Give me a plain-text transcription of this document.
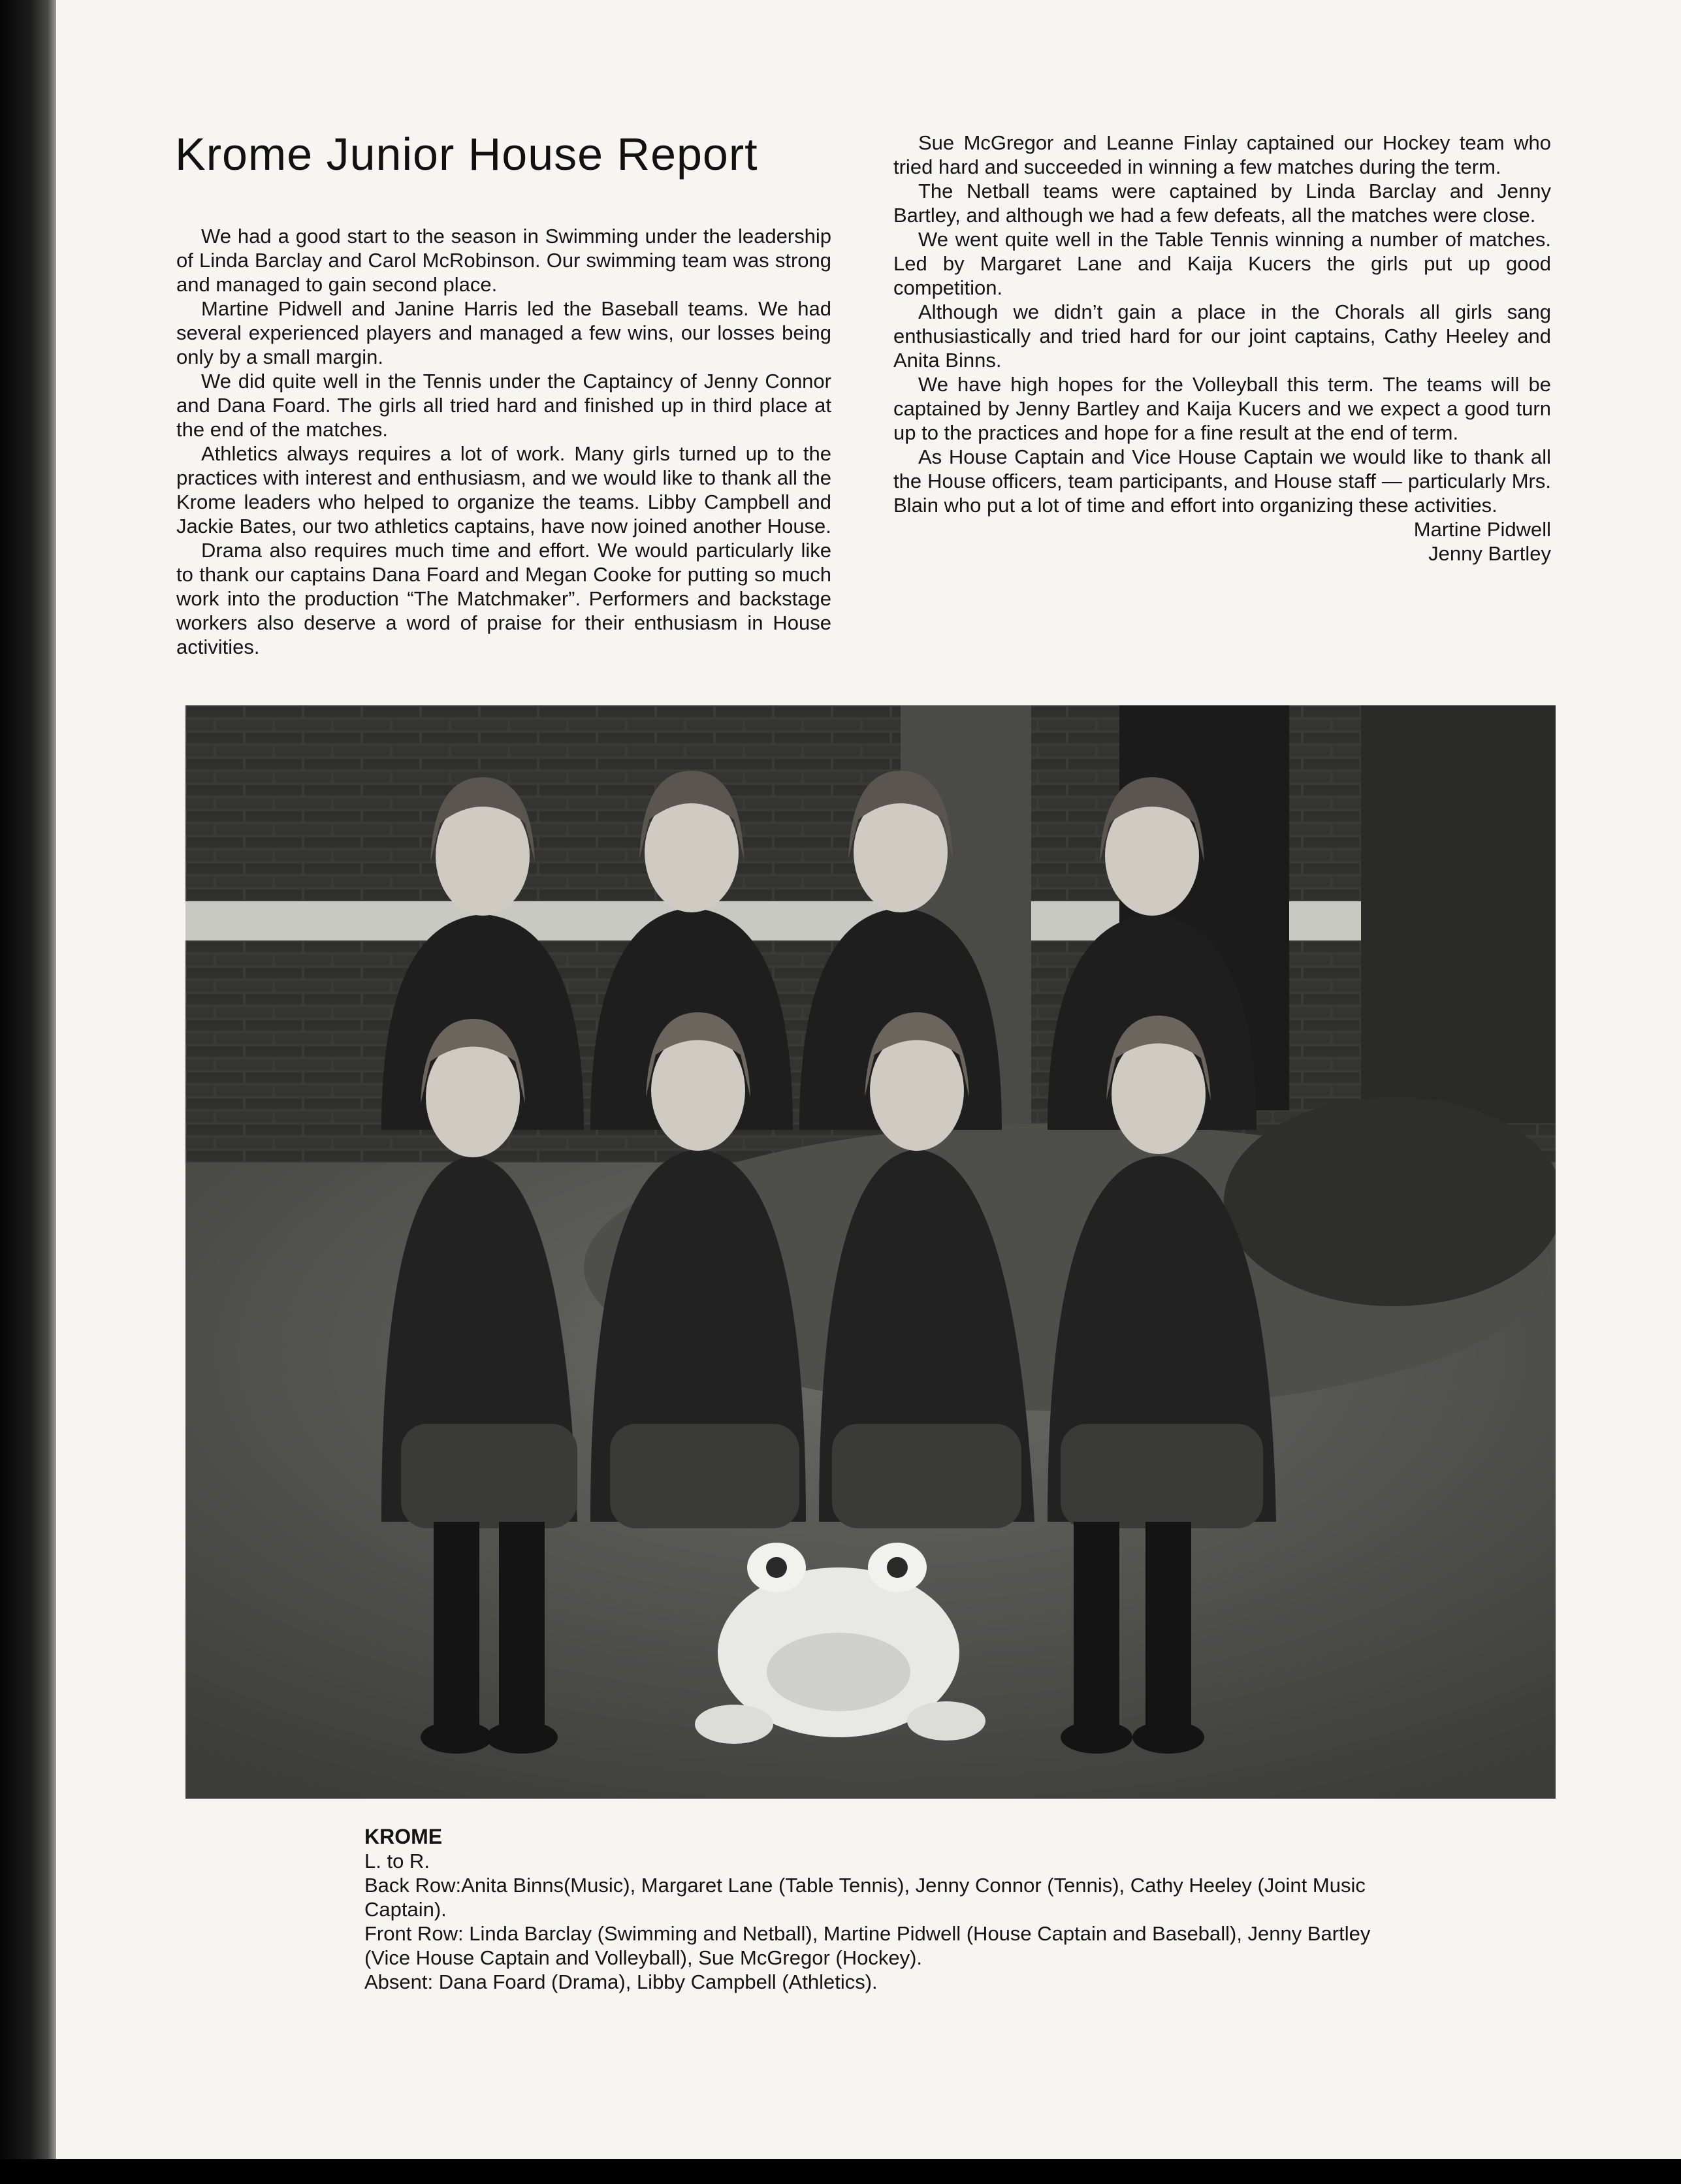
Krome Junior House Report

We had a good start to the season in Swimming under the leadership of Linda Barclay and Carol McRobinson. Our swimming team was strong and managed to gain second place.

Martine Pidwell and Janine Harris led the Baseball teams. We had several experienced players and managed a few wins, our losses being only by a small margin.

We did quite well in the Tennis under the Captaincy of Jenny Connor and Dana Foard. The girls all tried hard and finished up in third place at the end of the matches.

Athletics always requires a lot of work. Many girls turned up to the practices with interest and enthusiasm, and we would like to thank all the Krome leaders who helped to organize the teams. Libby Campbell and Jackie Bates, our two athletics captains, have now joined another House.

Drama also requires much time and effort. We would particularly like to thank our captains Dana Foard and Megan Cooke for putting so much work into the production “The Matchmaker”. Performers and backstage workers also deserve a word of praise for their enthusiasm in House activities.

Sue McGregor and Leanne Finlay captained our Hockey team who tried hard and succeeded in winning a few matches during the term.

The Netball teams were captained by Linda Barclay and Jenny Bartley, and although we had a few defeats, all the matches were close.

We went quite well in the Table Tennis winning a number of matches. Led by Margaret Lane and Kaija Kucers the girls put up good competition.

Although we didn’t gain a place in the Chorals all girls sang enthusiastically and tried hard for our joint captains, Cathy Heeley and Anita Binns.

We have high hopes for the Volleyball this term. The teams will be captained by Jenny Bartley and Kaija Kucers and we expect a good turn up to the practices and hope for a fine result at the end of term.

As House Captain and Vice House Captain we would like to thank all the House officers, team participants, and House staff — particularly Mrs. Blain who put a lot of time and effort into organizing these activities.

Martine Pidwell

Jenny Bartley

KROME
L. to R.
Back Row:Anita Binns(Music), Margaret Lane (Table Tennis), Jenny Connor (Tennis), Cathy Heeley (Joint Music Captain).
Front Row: Linda Barclay (Swimming and Netball), Martine Pidwell (House Captain and Baseball), Jenny Bartley (Vice House Captain and Volleyball), Sue McGregor (Hockey).
Absent: Dana Foard (Drama), Libby Campbell (Athletics).
